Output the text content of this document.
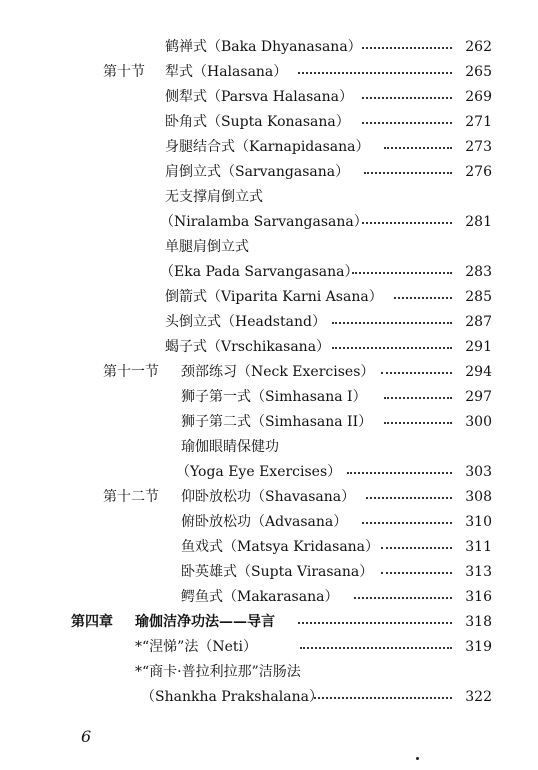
鹤禅式（Baka Dhyanasana）	262
第十节 犁式（Halasana）	265
侧犁式（Parsva Halasana）	269
卧角式（Supta Konasana）	271
身腿结合式（Karnapidasana）	273
肩倒立式（Sarvangasana）	276
无支撑肩倒立式
（Niralamba Sarvangasana）	281
单腿肩倒立式
（Eka Pada Sarvangasana）	283
倒箭式（Viparita Karni Asana）	285
头倒立式（Headstand）	287
蝎子式（Vrschikasana）	291
第十一节 颈部练习（Neck Exercises）	294
狮子第一式（Simhasana I）	297
狮子第二式（Simhasana II）	300
瑜伽眼睛保健功
（Yoga Eye Exercises）	303
第十二节 仰卧放松功（Shavasana）	308
俯卧放松功（Advasana）	310
鱼戏式（Matsya Kridasana）	311
卧英雄式（Supta Virasana）	313
鳄鱼式（Makarasana）	316
第四章 瑜伽洁净功法——导言	318
*“涅悌”法（Neti）	319
*“商卡·普拉利拉那”洁肠法
（Shankha Prakshalana）	322
6
